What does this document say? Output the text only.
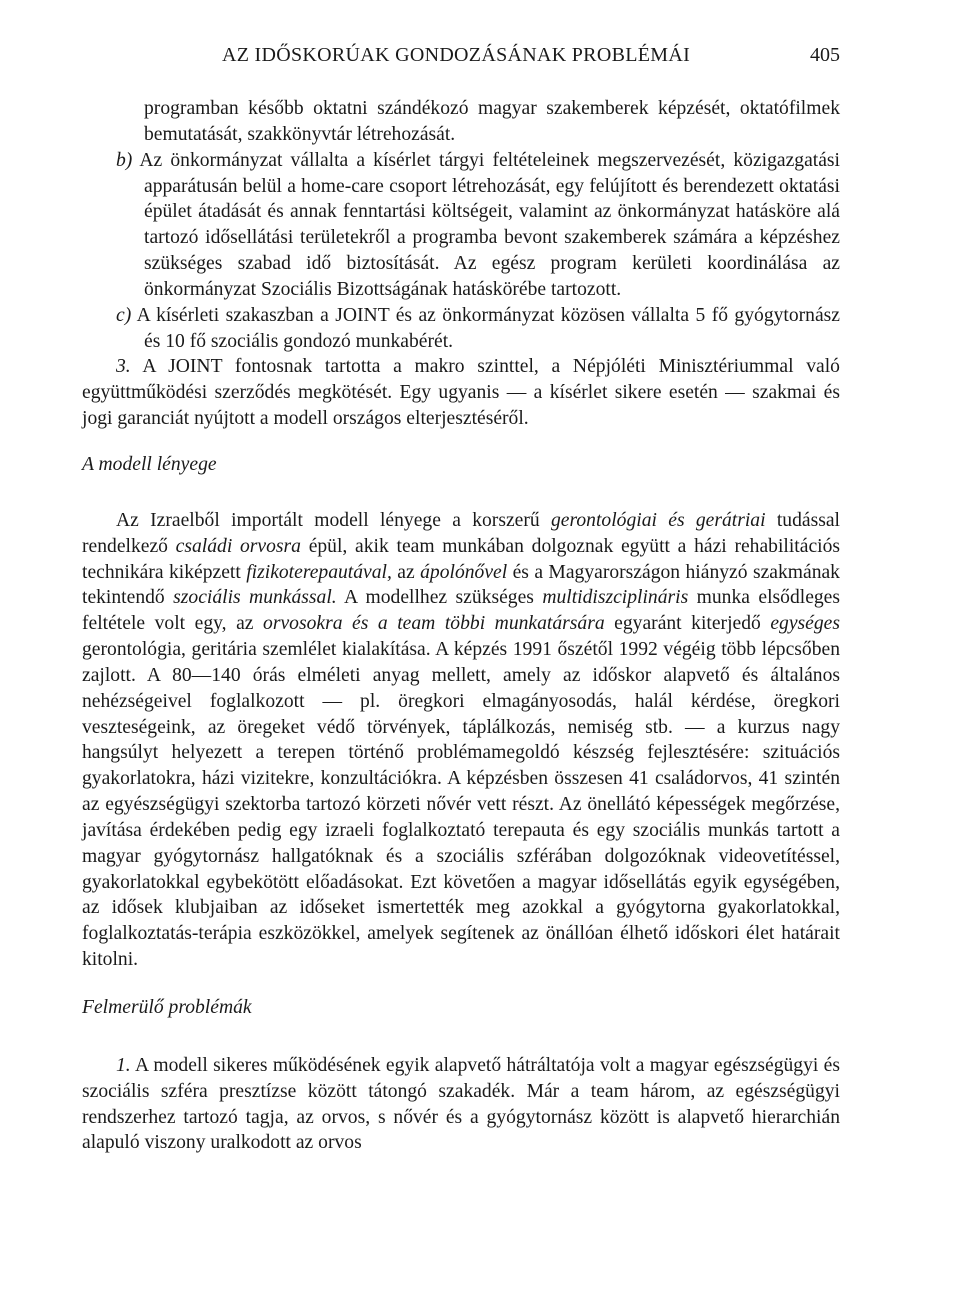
AZ IDŐSKORÚAK GONDOZÁSÁNAK PROBLÉMÁI	405

programban később oktatni szándékozó magyar szakemberek képzését, oktatófilmek bemutatását, szakkönyvtár létrehozását.

b) Az önkormányzat vállalta a kísérlet tárgyi feltételeinek megszervezését, közigazgatási apparátusán belül a home-care csoport létrehozását, egy felújított és berendezett oktatási épület átadását és annak fenntartási költségeit, valamint az önkormányzat hatásköre alá tartozó idősellátási területekről a programba bevont szakemberek számára a képzéshez szükséges szabad idő biztosítását. Az egész program kerületi koordinálása az önkormányzat Szociális Bizottságának hatáskörébe tartozott.

c) A kísérleti szakaszban a JOINT és az önkormányzat közösen vállalta 5 fő gyógytornász és 10 fő szociális gondozó munkabérét.

3. A JOINT fontosnak tartotta a makro szinttel, a Népjóléti Minisztériummal való együttműködési szerződés megkötését. Egy ugyanis — a kísérlet sikere esetén — szakmai és jogi garanciát nyújtott a modell országos elterjesztéséről.

A modell lényege

Az Izraelből importált modell lényege a korszerű gerontológiai és gerátriai tudással rendelkező családi orvosra épül, akik team munkában dolgoznak együtt a házi rehabilitációs technikára kiképzett fizikoterepautával, az ápolónővel és a Magyarországon hiányzó szakmának tekintendő szociális munkással. A modellhez szükséges multidiszciplináris munka elsődleges feltétele volt egy, az orvosokra és a team többi munkatársára egyaránt kiterjedő egységes gerontológia, geritária szemlélet kialakítása. A képzés 1991 őszétől 1992 végéig több lépcsőben zajlott. A 80—140 órás elméleti anyag mellett, amely az időskor alapvető és általános nehézségeivel foglalkozott — pl. öregkori elmagányosodás, halál kérdése, öregkori veszteségeink, az öregeket védő törvények, táplálkozás, nemiség stb. — a kurzus nagy hangsúlyt helyezett a terepen történő problémamegoldó készség fejlesztésére: szituációs gyakorlatokra, házi vizitekre, konzultációkra. A képzésben összesen 41 családorvos, 41 szintén az egyészségügyi szektorba tartozó körzeti nővér vett részt. Az önellátó képességek megőrzése, javítása érdekében pedig egy izraeli foglalkoztató terepauta és egy szociális munkás tartott a magyar gyógytornász hallgatóknak és a szociális szférában dolgozóknak videovetítéssel, gyakorlatokkal egybekötött előadásokat. Ezt követően a magyar idősellátás egyik egységében, az idősek klubjaiban az időseket ismertették meg azokkal a gyógytorna gyakorlatokkal, foglalkoztatás-terápia eszközökkel, amelyek segítenek az önállóan élhető időskori élet határait kitolni.

Felmerülő problémák

1. A modell sikeres működésének egyik alapvető hátráltatója volt a magyar egészségügyi és szociális szféra presztízse között tátongó szakadék. Már a team három, az egészségügyi rendszerhez tartozó tagja, az orvos, s nővér és a gyógytornász között is alapvető hierarchián alapuló viszony uralkodott az orvos
